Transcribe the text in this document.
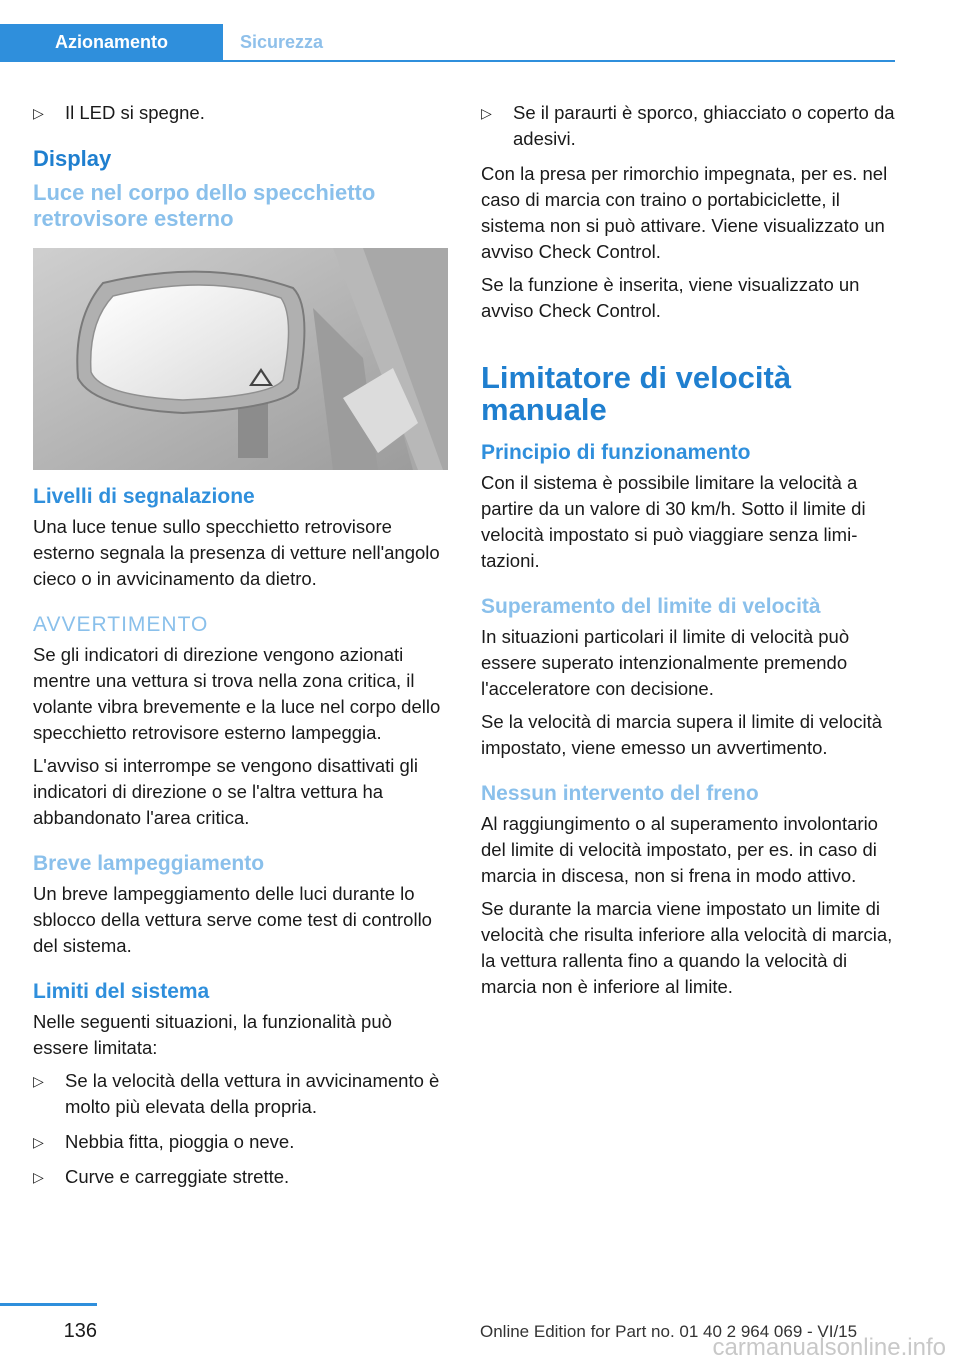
Azionamento	Sicurezza
▷ Il LED si spegne.
Display
Luce nel corpo dello specchietto retrovisore esterno
Livelli di segnalazione

Una luce tenue sullo specchietto retrovisore esterno segnala la presenza di vetture nell'angolo cieco o in avvicinamento da dietro.

AVVERTIMENTO

Se gli indicatori di direzione vengono azionati mentre una vettura si trova nella zona critica, il volante vibra brevemente e la luce nel corpo dello specchietto retrovisore esterno lampeggia.

L'avviso si interrompe se vengono disattivati gli indicatori di direzione o se l'altra vettura ha abbandonato l'area critica.

Breve lampeggiamento

Un breve lampeggiamento delle luci durante lo sblocco della vettura serve come test di controllo del sistema.

Limiti del sistema

Nelle seguenti situazioni, la funzionalità può essere limitata:

▷ Se la velocità della vettura in avvicinamento è molto più elevata della propria.
▷ Nebbia fitta, pioggia o neve.
▷ Curve e carreggiate strette.
▷ Se il paraurti è sporco, ghiacciato o coperto da adesivi.

Con la presa per rimorchio impegnata, per es. nel caso di marcia con traino o portabiciclette, il sistema non si può attivare. Viene visualizzato un avviso Check Control.

Se la funzione è inserita, viene visualizzato un avviso Check Control.

Limitatore di velocità manuale
Principio di funzionamento

Con il sistema è possibile limitare la velocità a partire da un valore di 30 km/h. Sotto il limite di velocità impostato si può viaggiare senza limitazioni.

Superamento del limite di velocità

In situazioni particolari il limite di velocità può essere superato intenzionalmente premendo l'acceleratore con decisione.

Se la velocità di marcia supera il limite di velocità impostato, viene emesso un avvertimento.

Nessun intervento del freno

Al raggiungimento o al superamento involontario del limite di velocità impostato, per es. in caso di marcia in discesa, non si frena in modo attivo.

Se durante la marcia viene impostato un limite di velocità che risulta inferiore alla velocità di marcia, la vettura rallenta fino a quando la velocità di marcia non è inferiore al limite.

136	Online Edition for Part no. 01 40 2 964 069 - VI/15
carmanualsonline.info
